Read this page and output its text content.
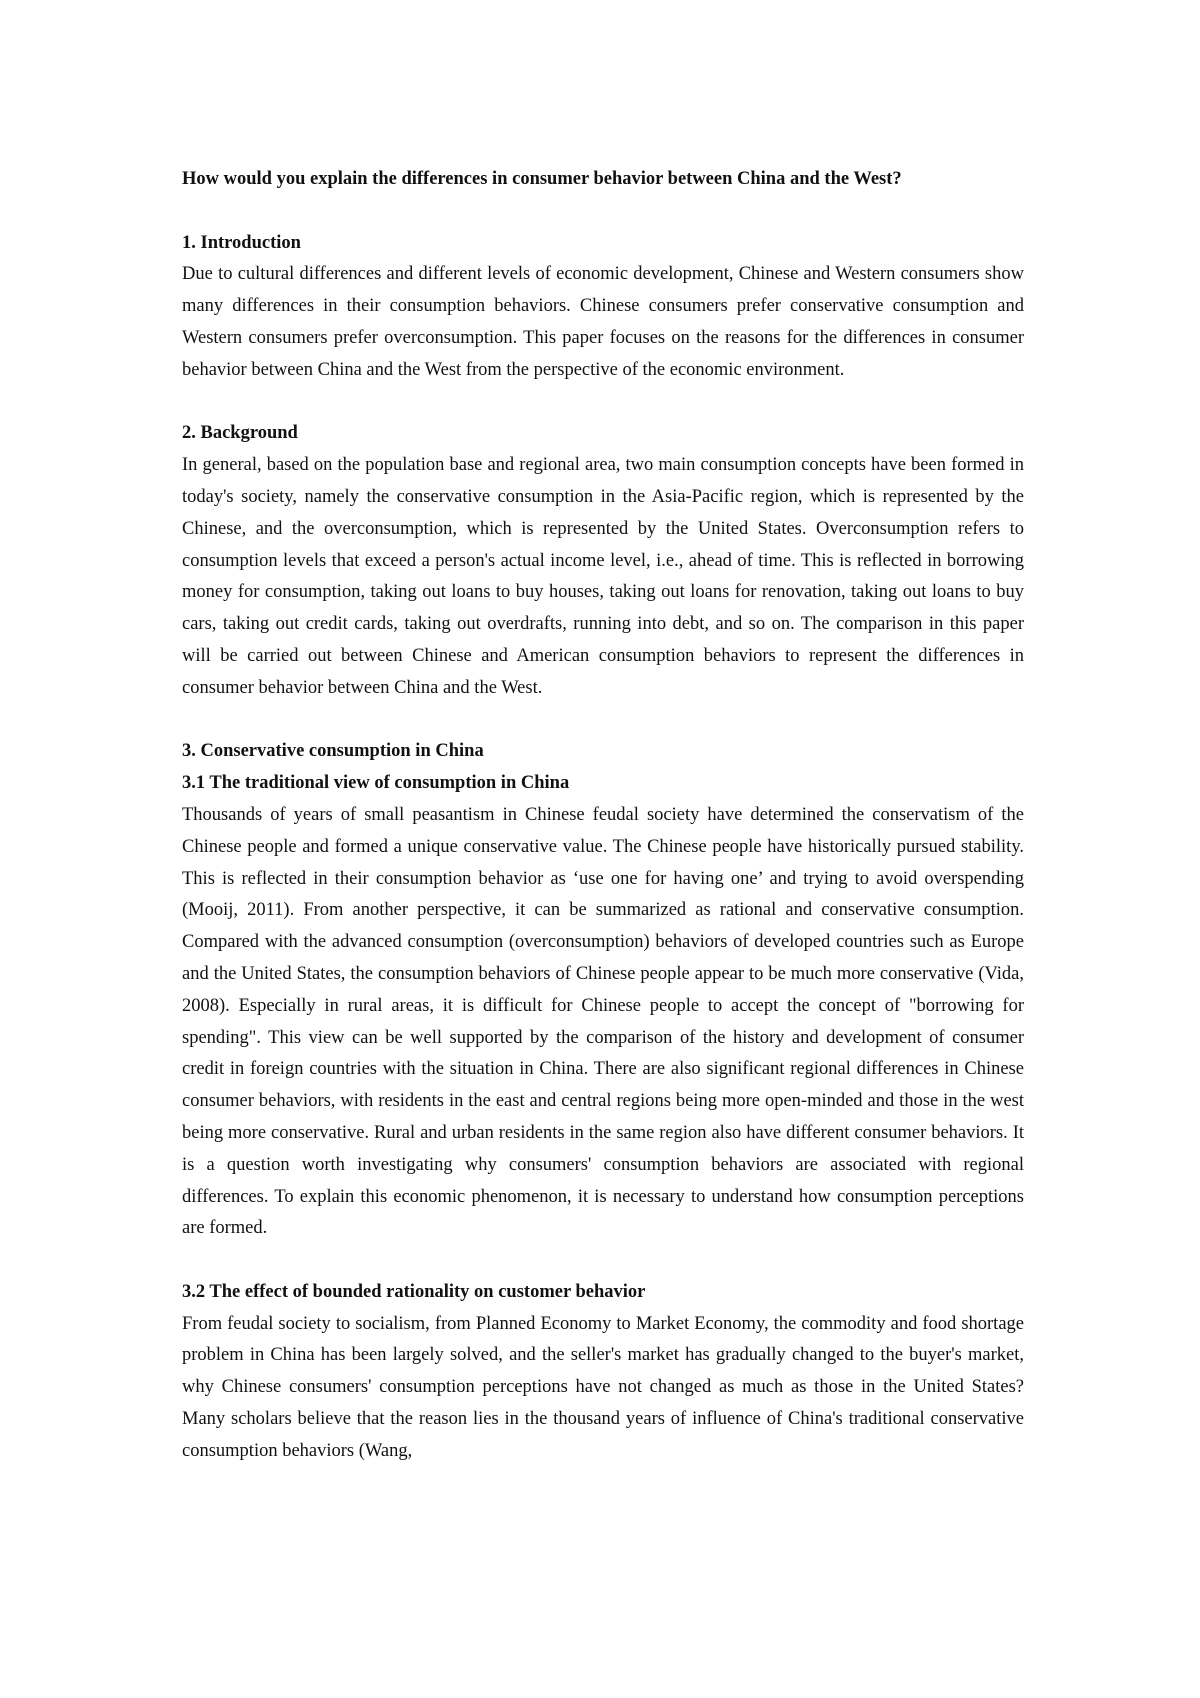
How would you explain the differences in consumer behavior between China and the West?

1. Introduction

Due to cultural differences and different levels of economic development, Chinese and Western consumers show many differences in their consumption behaviors. Chinese consumers prefer conservative consumption and Western consumers prefer overconsumption. This paper focuses on the reasons for the differences in consumer behavior between China and the West from the perspective of the economic environment.

2. Background

In general, based on the population base and regional area, two main consumption concepts have been formed in today's society, namely the conservative consumption in the Asia-Pacific region, which is represented by the Chinese, and the overconsumption, which is represented by the United States. Overconsumption refers to consumption levels that exceed a person's actual income level, i.e., ahead of time. This is reflected in borrowing money for consumption, taking out loans to buy houses, taking out loans for renovation, taking out loans to buy cars, taking out credit cards, taking out overdrafts, running into debt, and so on. The comparison in this paper will be carried out between Chinese and American consumption behaviors to represent the differences in consumer behavior between China and the West.

3. Conservative consumption in China

3.1 The traditional view of consumption in China

Thousands of years of small peasantism in Chinese feudal society have determined the conservatism of the Chinese people and formed a unique conservative value. The Chinese people have historically pursued stability. This is reflected in their consumption behavior as ‘use one for having one’ and trying to avoid overspending (Mooij, 2011). From another perspective, it can be summarized as rational and conservative consumption. Compared with the advanced consumption (overconsumption) behaviors of developed countries such as Europe and the United States, the consumption behaviors of Chinese people appear to be much more conservative (Vida, 2008). Especially in rural areas, it is difficult for Chinese people to accept the concept of "borrowing for spending". This view can be well supported by the comparison of the history and development of consumer credit in foreign countries with the situation in China. There are also significant regional differences in Chinese consumer behaviors, with residents in the east and central regions being more open-minded and those in the west being more conservative. Rural and urban residents in the same region also have different consumer behaviors. It is a question worth investigating why consumers' consumption behaviors are associated with regional differences. To explain this economic phenomenon, it is necessary to understand how consumption perceptions are formed.

3.2 The effect of bounded rationality on customer behavior

From feudal society to socialism, from Planned Economy to Market Economy, the commodity and food shortage problem in China has been largely solved, and the seller's market has gradually changed to the buyer's market, why Chinese consumers' consumption perceptions have not changed as much as those in the United States? Many scholars believe that the reason lies in the thousand years of influence of China's traditional conservative consumption behaviors (Wang,
